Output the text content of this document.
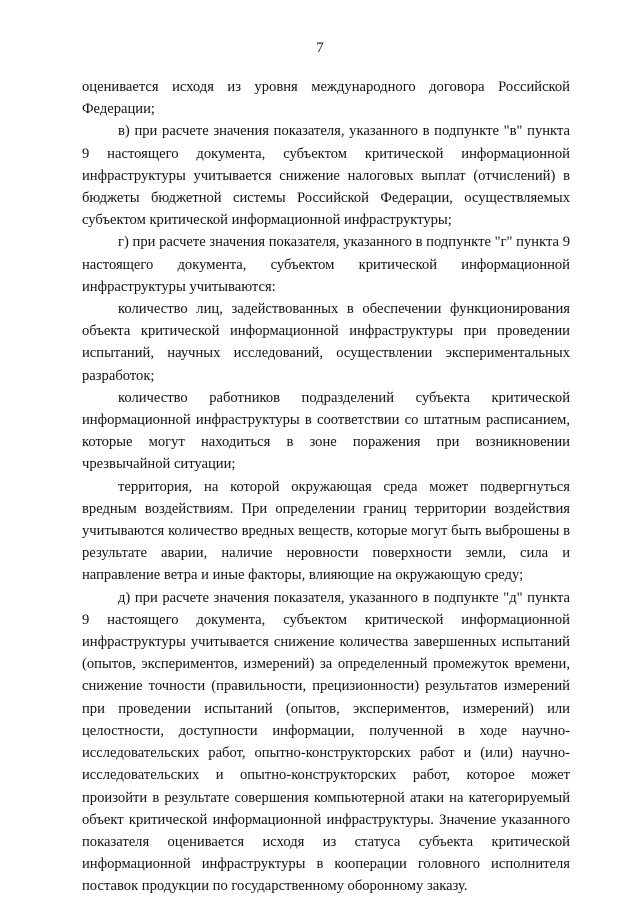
7

оценивается исходя из уровня международного договора Российской Федерации;

в) при расчете значения показателя, указанного в подпункте "в" пункта 9 настоящего документа, субъектом критической информационной инфраструктуры учитывается снижение налоговых выплат (отчислений) в бюджеты бюджетной системы Российской Федерации, осуществляемых субъектом критической информационной инфраструктуры;

г) при расчете значения показателя, указанного в подпункте "г" пункта 9 настоящего документа, субъектом критической информационной инфраструктуры учитываются:

количество лиц, задействованных в обеспечении функционирования объекта критической информационной инфраструктуры при проведении испытаний, научных исследований, осуществлении экспериментальных разработок;

количество работников подразделений субъекта критической информационной инфраструктуры в соответствии со штатным расписанием, которые могут находиться в зоне поражения при возникновении чрезвычайной ситуации;

территория, на которой окружающая среда может подвергнуться вредным воздействиям. При определении границ территории воздействия учитываются количество вредных веществ, которые могут быть выброшены в результате аварии, наличие неровности поверхности земли, сила и направление ветра и иные факторы, влияющие на окружающую среду;

д) при расчете значения показателя, указанного в подпункте "д" пункта 9 настоящего документа, субъектом критической информационной инфраструктуры учитывается снижение количества завершенных испытаний (опытов, экспериментов, измерений) за определенный промежуток времени, снижение точности (правильности, прецизионности) результатов измерений при проведении испытаний (опытов, экспериментов, измерений) или целостности, доступности информации, полученной в ходе научно-исследовательских работ, опытно-конструкторских работ и (или) научно-исследовательских и опытно-конструкторских работ, которое может произойти в результате совершения компьютерной атаки на категорируемый объект критической информационной инфраструктуры. Значение указанного показателя оценивается исходя из статуса субъекта критической информационной инфраструктуры в кооперации головного исполнителя поставок продукции по государственному оборонному заказу.
